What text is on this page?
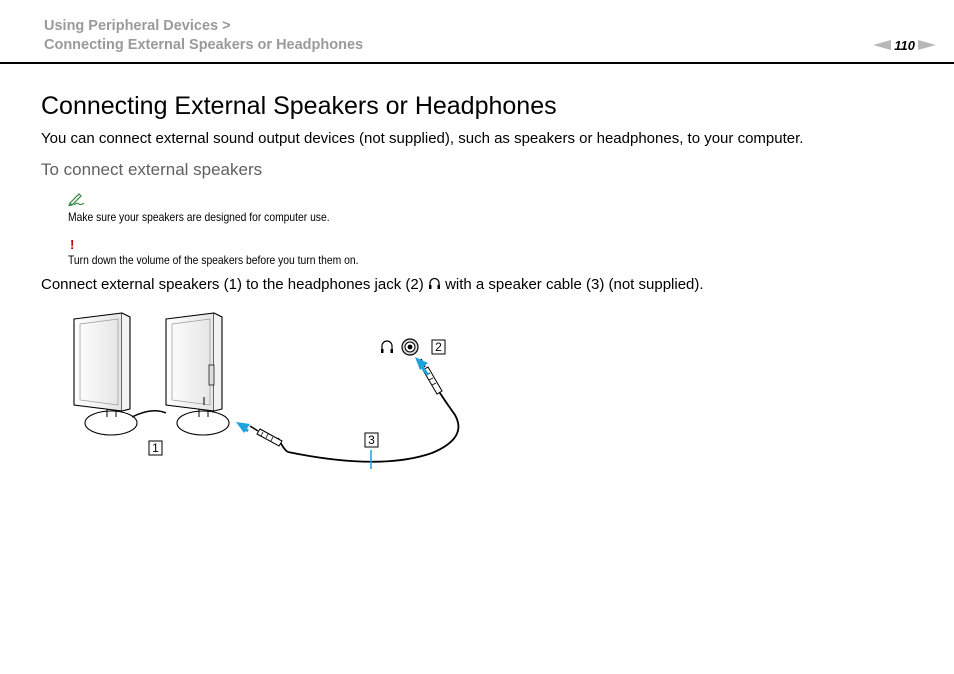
Using Peripheral Devices >
Connecting External Speakers or Headphones	110
Connecting External Speakers or Headphones

You can connect external sound output devices (not supplied), such as speakers or headphones, to your computer.

To connect external speakers
Make sure your speakers are designed for computer use.
!
Turn down the volume of the speakers before you turn them on.
Connect external speakers (1) to the headphones jack (2) with a speaker cable (3) (not supplied).
1
2
3
